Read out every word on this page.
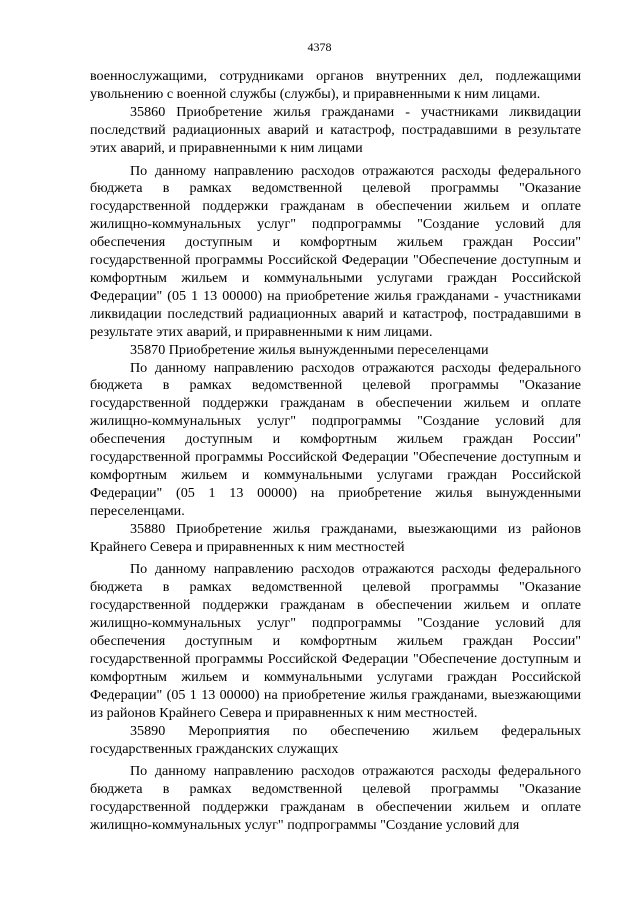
4378

военнослужащими, сотрудниками органов внутренних дел, подлежащими увольнению с военной службы (службы), и приравненными к ним лицами.

35860 Приобретение жилья гражданами - участниками ликвидации последствий радиационных аварий и катастроф, пострадавшими в результате этих аварий, и приравненными к ним лицами

По данному направлению расходов отражаются расходы федерального бюджета в рамках ведомственной целевой программы "Оказание государственной поддержки гражданам в обеспечении жильем и оплате жилищно-коммунальных услуг" подпрограммы "Создание условий для обеспечения доступным и комфортным жильем граждан России" государственной программы Российской Федерации "Обеспечение доступным и комфортным жильем и коммунальными услугами граждан Российской Федерации" (05 1 13 00000) на приобретение жилья гражданами - участниками ликвидации последствий радиационных аварий и катастроф, пострадавшими в результате этих аварий, и приравненными к ним лицами.

35870 Приобретение жилья вынужденными переселенцами

По данному направлению расходов отражаются расходы федерального бюджета в рамках ведомственной целевой программы "Оказание государственной поддержки гражданам в обеспечении жильем и оплате жилищно-коммунальных услуг" подпрограммы "Создание условий для обеспечения доступным и комфортным жильем граждан России" государственной программы Российской Федерации "Обеспечение доступным и комфортным жильем и коммунальными услугами граждан Российской Федерации" (05 1 13 00000) на приобретение жилья вынужденными переселенцами.

35880 Приобретение жилья гражданами, выезжающими из районов Крайнего Севера и приравненных к ним местностей

По данному направлению расходов отражаются расходы федерального бюджета в рамках ведомственной целевой программы "Оказание государственной поддержки гражданам в обеспечении жильем и оплате жилищно-коммунальных услуг" подпрограммы "Создание условий для обеспечения доступным и комфортным жильем граждан России" государственной программы Российской Федерации "Обеспечение доступным и комфортным жильем и коммунальными услугами граждан Российской Федерации" (05 1 13 00000) на приобретение жилья гражданами, выезжающими из районов Крайнего Севера и приравненных к ним местностей.

35890 Мероприятия по обеспечению жильем федеральных государственных гражданских служащих

По данному направлению расходов отражаются расходы федерального бюджета в рамках ведомственной целевой программы "Оказание государственной поддержки гражданам в обеспечении жильем и оплате жилищно-коммунальных услуг" подпрограммы "Создание условий для
